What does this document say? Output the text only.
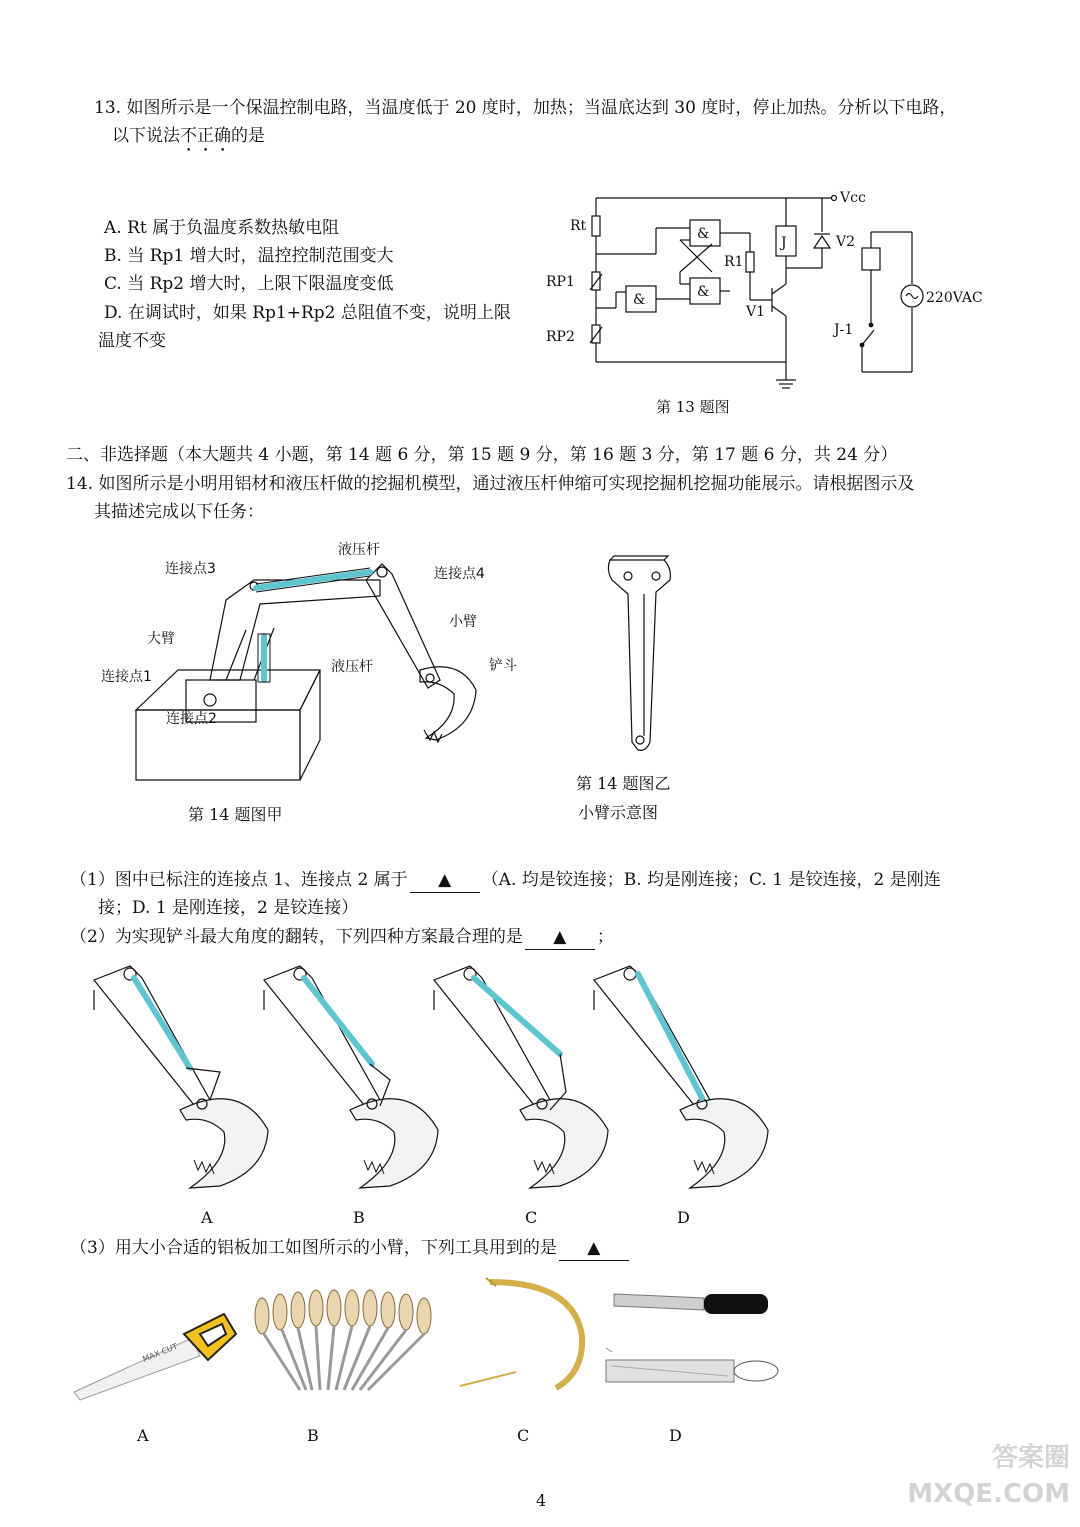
13. 如图所示是一个保温控制电路，当温度低于 20 度时，加热；当温底达到 30 度时，停止加热。分析以下电路，
以下说法不正确的是
A. Rt 属于负温度系数热敏电阻
B. 当 Rp1 增大时，温控控制范围变大
C. 当 Rp2 增大时，上限下限温度变低
D. 在调试时，如果 Rp1+Rp2 总阻值不变，说明上限
温度不变
Vcc
Rt
RP1
RP2
R1
V1
V2
J
J-1
220VAC
&
&
&
第 13 题图
二、非选择题（本大题共 4 小题，第 14 题 6 分，第 15 题 9 分，第 16 题 3 分，第 17 题 6 分，共 24 分）
14. 如图所示是小明用铝材和液压杆做的挖掘机模型，通过液压杆伸缩可实现挖掘机挖掘功能展示。请根据图示及
其描述完成以下任务：
液压杆
连接点3	连接点4
小臂
大臂
液压杆	铲斗
连接点1
连接点2
第 14 题图甲
第 14 题图乙
小臂示意图
（1）图中已标注的连接点 1、连接点 2 属于 ▲ （A. 均是铰连接；B. 均是刚连接；C. 1 是铰连接，2 是刚连
接；D. 1 是刚连接，2 是铰连接）
（2）为实现铲斗最大角度的翻转，下列四种方案最合理的是 ▲ ；
A	B	C	D
（3）用大小合适的铝板加工如图所示的小臂，下列工具用到的是 ▲
MAX CUT
A	B	C	D
4
答案圈 MXQE.COM
